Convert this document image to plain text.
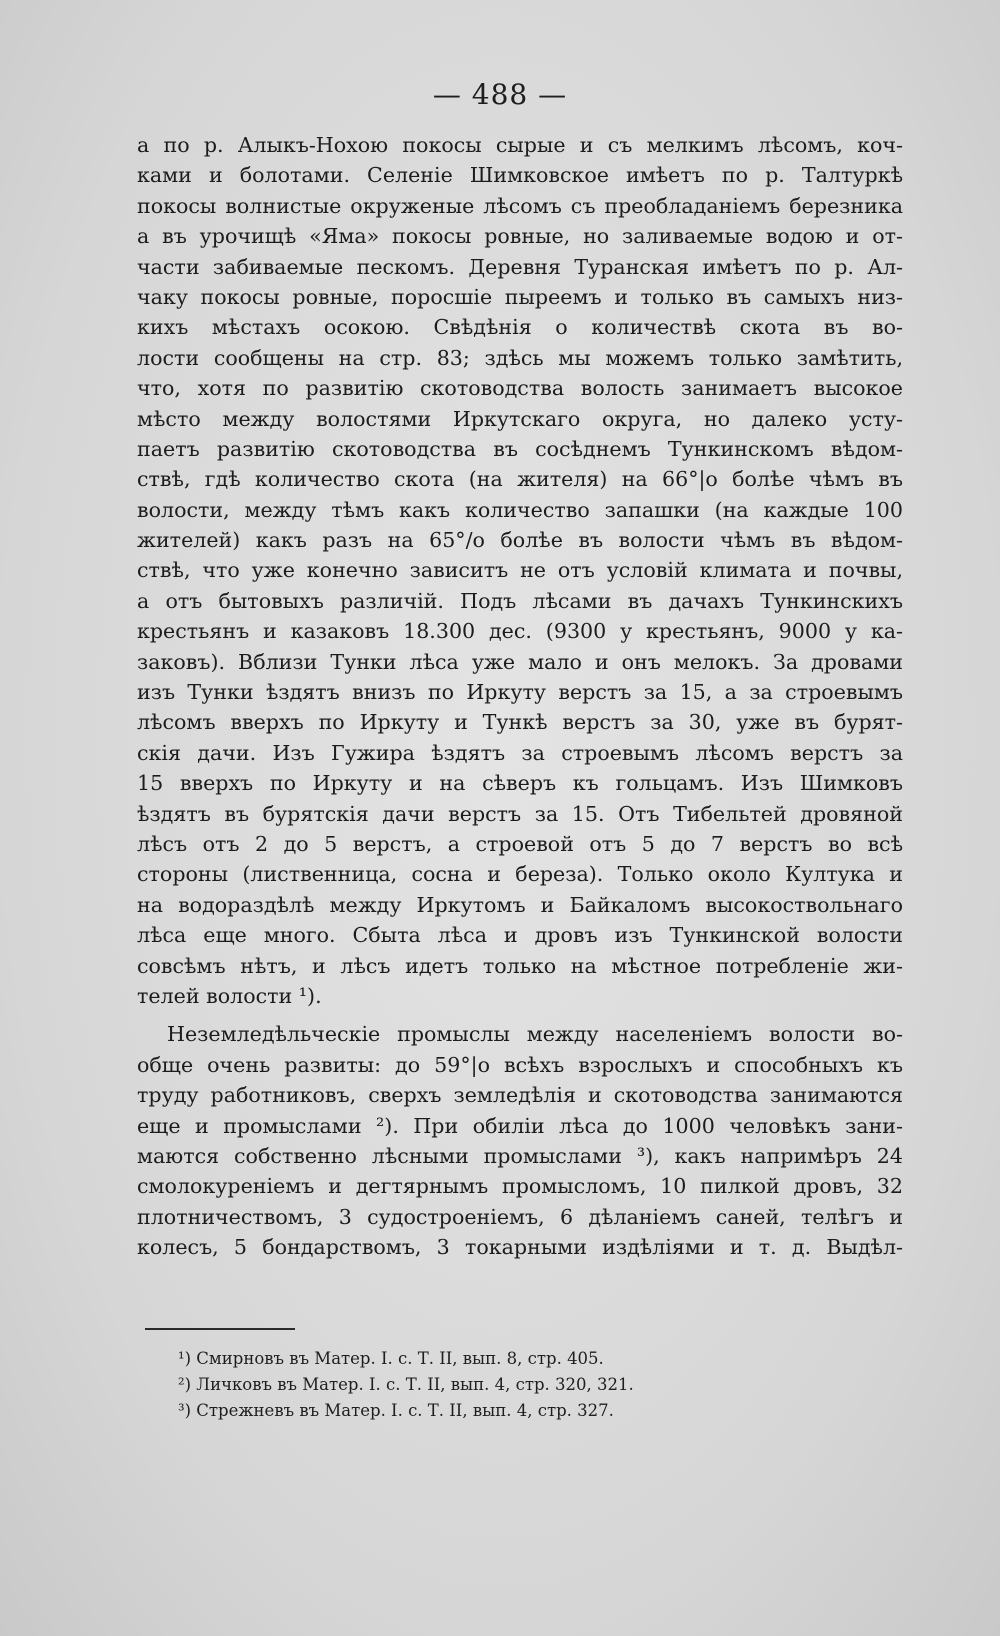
— 488 —
а по р. Алыкъ-Нохою покосы сырые и съ мелкимъ лѣсомъ, коч-
ками и болотами. Селеніе Шимковское имѣетъ по р. Талтуркѣ
покосы волнистые окруженые лѣсомъ съ преобладаніемъ березника
а въ урочищѣ «Яма» покосы ровные, но заливаемые водою и от-
части забиваемые пескомъ. Деревня Туранская имѣетъ по р. Ал-
чаку покосы ровные, поросшіе пыреемъ и только въ самыхъ низ-
кихъ мѣстахъ осокою. Свѣдѣнія о количествѣ скота въ во-
лости сообщены на стр. 83; здѣсь мы можемъ только замѣтить,
что, хотя по развитію скотоводства волость занимаетъ высокое
мѣсто между волостями Иркутскаго округа, но далеко усту-
паетъ развитію скотоводства въ сосѣднемъ Тункинскомъ вѣдом-
ствѣ, гдѣ количество скота (на жителя) на 66°|о болѣе чѣмъ въ
волости, между тѣмъ какъ количество запашки (на каждые 100
жителей) какъ разъ на 65°/о болѣе въ волости чѣмъ въ вѣдом-
ствѣ, что уже конечно зависитъ не отъ условій климата и почвы,
а отъ бытовыхъ различій. Подъ лѣсами въ дачахъ Тункинскихъ
крестьянъ и казаковъ 18.300 дес. (9300 у крестьянъ, 9000 у ка-
заковъ). Вблизи Тунки лѣса уже мало и онъ мелокъ. За дровами
изъ Тунки ѣздятъ внизъ по Иркуту верстъ за 15, а за строевымъ
лѣсомъ вверхъ по Иркуту и Тункѣ верстъ за 30, уже въ бурят-
скія дачи. Изъ Гужира ѣздятъ за строевымъ лѣсомъ верстъ за
15 вверхъ по Иркуту и на сѣверъ къ гольцамъ. Изъ Шимковъ
ѣздятъ въ бурятскія дачи верстъ за 15. Отъ Тибельтей дровяной
лѣсъ отъ 2 до 5 верстъ, а строевой отъ 5 до 7 верстъ во всѣ
стороны (лиственница, сосна и береза). Только около Култука и
на водораздѣлѣ между Иркутомъ и Байкаломъ высокоствольнаго
лѣса еще много. Сбыта лѣса и дровъ изъ Тункинской волости
совсѣмъ нѣтъ, и лѣсъ идетъ только на мѣстное потребленіе жи-
телей волости ¹).
Неземледѣльческіе промыслы между населеніемъ волости во-
обще очень развиты: до 59°|о всѣхъ взрослыхъ и способныхъ къ
труду работниковъ, сверхъ земледѣлія и скотоводства занимаются
еще и промыслами ²). При обиліи лѣса до 1000 человѣкъ зани-
маются собственно лѣсными промыслами ³), какъ напримѣръ 24
смолокуреніемъ и дегтярнымъ промысломъ, 10 пилкой дровъ, 32
плотничествомъ, 3 судостроеніемъ, 6 дѣланіемъ саней, телѣгъ и
колесъ, 5 бондарствомъ, 3 токарными издѣліями и т. д. Выдѣл-
¹) Смирновъ въ Матер. I. с. Т. II, вып. 8, стр. 405.
²) Личковъ въ Матер. I. с. Т. II, вып. 4, стр. 320, 321.
³) Стрежневъ въ Матер. I. с. Т. II, вып. 4, стр. 327.
